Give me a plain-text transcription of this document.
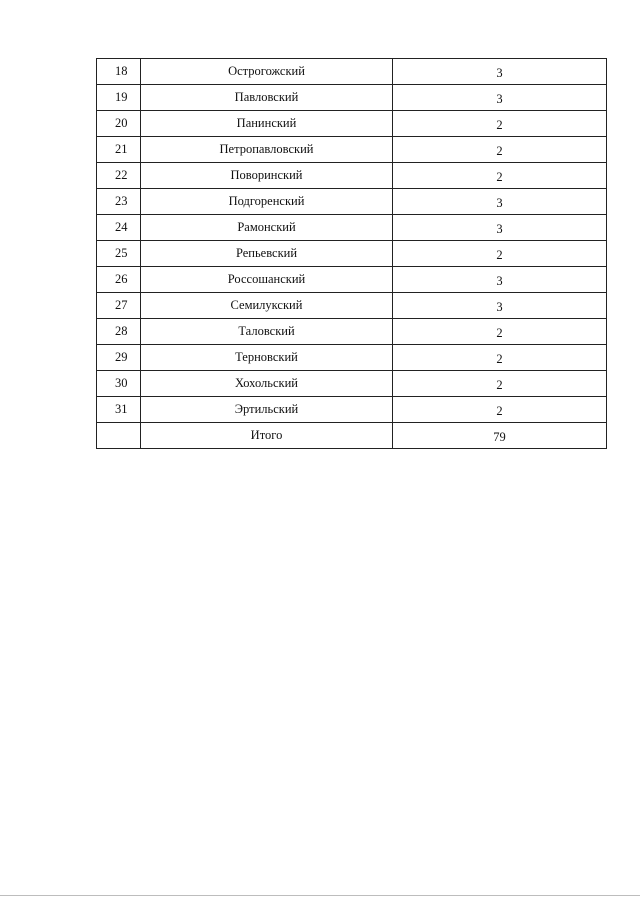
18	Острогожский	3
19	Павловский	3
20	Панинский	2
21	Петропавловский	2
22	Поворинский	2
23	Подгоренский	3
24	Рамонский	3
25	Репьевский	2
26	Россошанский	3
27	Семилукский	3
28	Таловский	2
29	Терновский	2
30	Хохольский	2
31	Эртильский	2
	Итого	79
